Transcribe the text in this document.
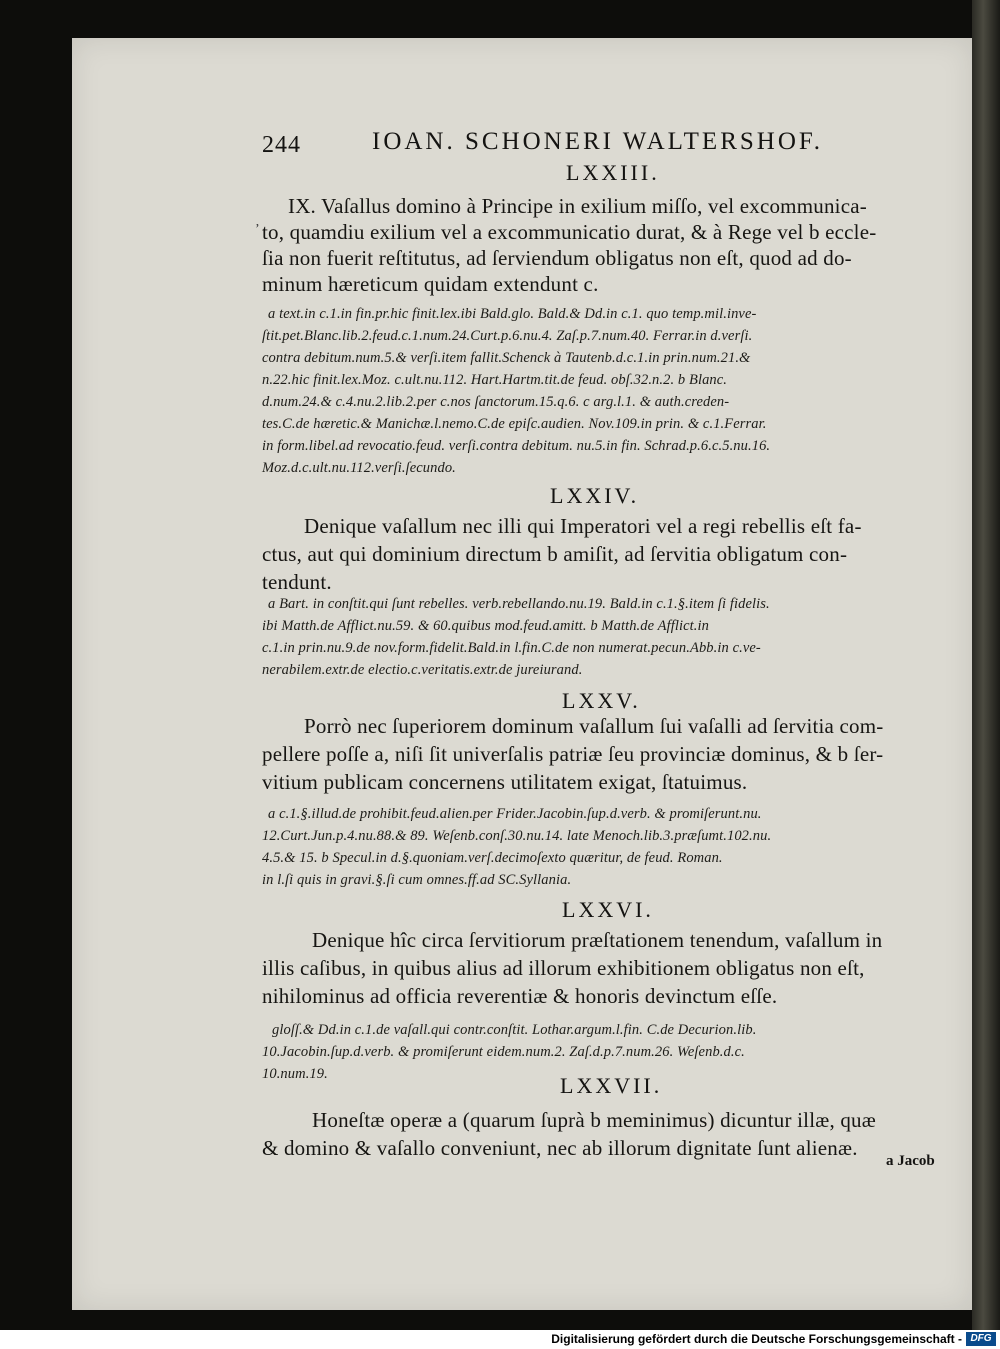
244	IOAN. SCHONERI WALTERSHOF.
’
LXXIII.
IX. Vaſallus domino à Principe in exilium miſſo, vel excommunica-
to, quamdiu exilium vel a excommunicatio durat, & à Rege vel b eccle-
ſia non fuerit reſtitutus, ad ſerviendum obligatus non eſt, quod ad do-
minum hæreticum quidam extendunt c.
a text.in c.1.in fin.pr.hic finit.lex.ibi Bald.glo. Bald.& Dd.in c.1. quo temp.mil.inve-
ſtit.pet.Blanc.lib.2.feud.c.1.num.24.Curt.p.6.nu.4. Zaſ.p.7.num.40. Ferrar.in d.verſi.
contra debitum.num.5.& verſi.item fallit.Schenck à Tautenb.d.c.1.in prin.num.21.&
n.22.hic finit.lex.Moz. c.ult.nu.112. Hart.Hartm.tit.de feud. obſ.32.n.2. b Blanc.
d.num.24.& c.4.nu.2.lib.2.per c.nos ſanctorum.15.q.6. c arg.l.1. & auth.creden-
tes.C.de hæretic.& Manichæ.l.nemo.C.de epiſc.audien. Nov.109.in prin. & c.1.Ferrar.
in form.libel.ad revocatio.feud. verſi.contra debitum. nu.5.in fin. Schrad.p.6.c.5.nu.16.
Moz.d.c.ult.nu.112.verſi.ſecundo.
LXXIV.
Denique vaſallum nec illi qui Imperatori vel a regi rebellis eſt fa-
ctus, aut qui dominium directum b amiſit, ad ſervitia obligatum con-
tendunt.
a Bart. in conſtit.qui ſunt rebelles. verb.rebellando.nu.19. Bald.in c.1.§.item ſi fidelis.
ibi Matth.de Afflict.nu.59. & 60.quibus mod.feud.amitt. b Matth.de Afflict.in
c.1.in prin.nu.9.de nov.form.fidelit.Bald.in l.fin.C.de non numerat.pecun.Abb.in c.ve-
nerabilem.extr.de electio.c.veritatis.extr.de jureiurand.
LXXV.
Porrò nec ſuperiorem dominum vaſallum ſui vaſalli ad ſervitia com-
pellere poſſe a, niſi ſit univerſalis patriæ ſeu provinciæ dominus, & b ſer-
vitium publicam concernens utilitatem exigat, ſtatuimus.
a c.1.§.illud.de prohibit.feud.alien.per Frider.Jacobin.ſup.d.verb. & promiſerunt.nu.
12.Curt.Jun.p.4.nu.88.& 89. Weſenb.conſ.30.nu.14. late Menoch.lib.3.præſumt.102.nu.
4.5.& 15. b Specul.in d.§.quoniam.verſ.decimoſexto quæritur, de feud. Roman.
in l.ſi quis in gravi.§.ſi cum omnes.ff.ad SC.Syllania.
LXXVI.
Denique hîc circa ſervitiorum præſtationem tenendum, vaſallum in
illis caſibus, in quibus alius ad illorum exhibitionem obligatus non eſt,
nihilominus ad officia reverentiæ & honoris devinctum eſſe.
gloſſ.& Dd.in c.1.de vaſall.qui contr.conſtit. Lothar.argum.l.fin. C.de Decurion.lib.
10.Jacobin.ſup.d.verb. & promiſerunt eidem.num.2. Zaſ.d.p.7.num.26. Weſenb.d.c.
10.num.19.	LXXVII.
Honeſtæ operæ a (quarum ſuprà b meminimus) dicuntur illæ, quæ
& domino & vaſallo conveniunt, nec ab illorum dignitate ſunt alienæ.
a Jacob
Digitalisierung gefördert durch die Deutsche Forschungsgemeinschaft - DFG
